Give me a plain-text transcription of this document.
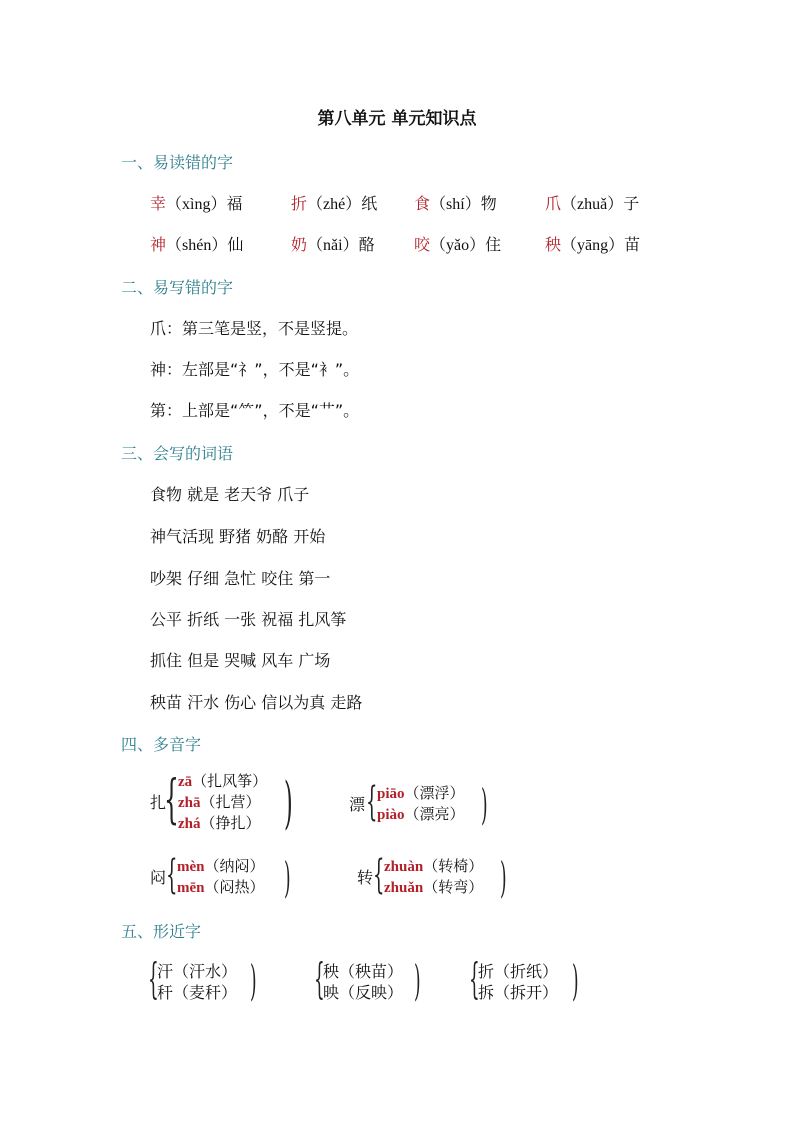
第八单元 单元知识点
一、易读错的字
幸（xìng）福	折（zhé）纸 食（shí）物	爪（zhuǎ）子
神（shén）仙	奶（nǎi）酪 咬（yǎo）住	秧（yāng）苗
二、易写错的字
爪：第三笔是竖，不是竖提。
神：左部是“礻”，不是“衤”。
第：上部是“⺮”，不是“艹”。
三、会写的词语
食物 就是 老天爷 爪子
神气活现 野猪 奶酪 开始
吵架 仔细 急忙 咬住 第一
公平 折纸 一张 祝福 扎风筝
抓住 但是 哭喊 风车 广场
秧苗 汗水 伤心 信以为真 走路
四、多音字
扎
{ zā（扎风筝）
zhā（扎营）
zhá（挣扎） )	漂 { piāo（漂浮）
piào（漂亮） )
闷 { mèn（纳闷）
mēn（闷热） )	转 { zhuàn（转椅）
zhuǎn（转弯） )
五、形近字
{
汗（汗水）
秆（麦秆） ) {
秧（秧苗）
映（反映） ) {
折（折纸）
拆（拆开） )
